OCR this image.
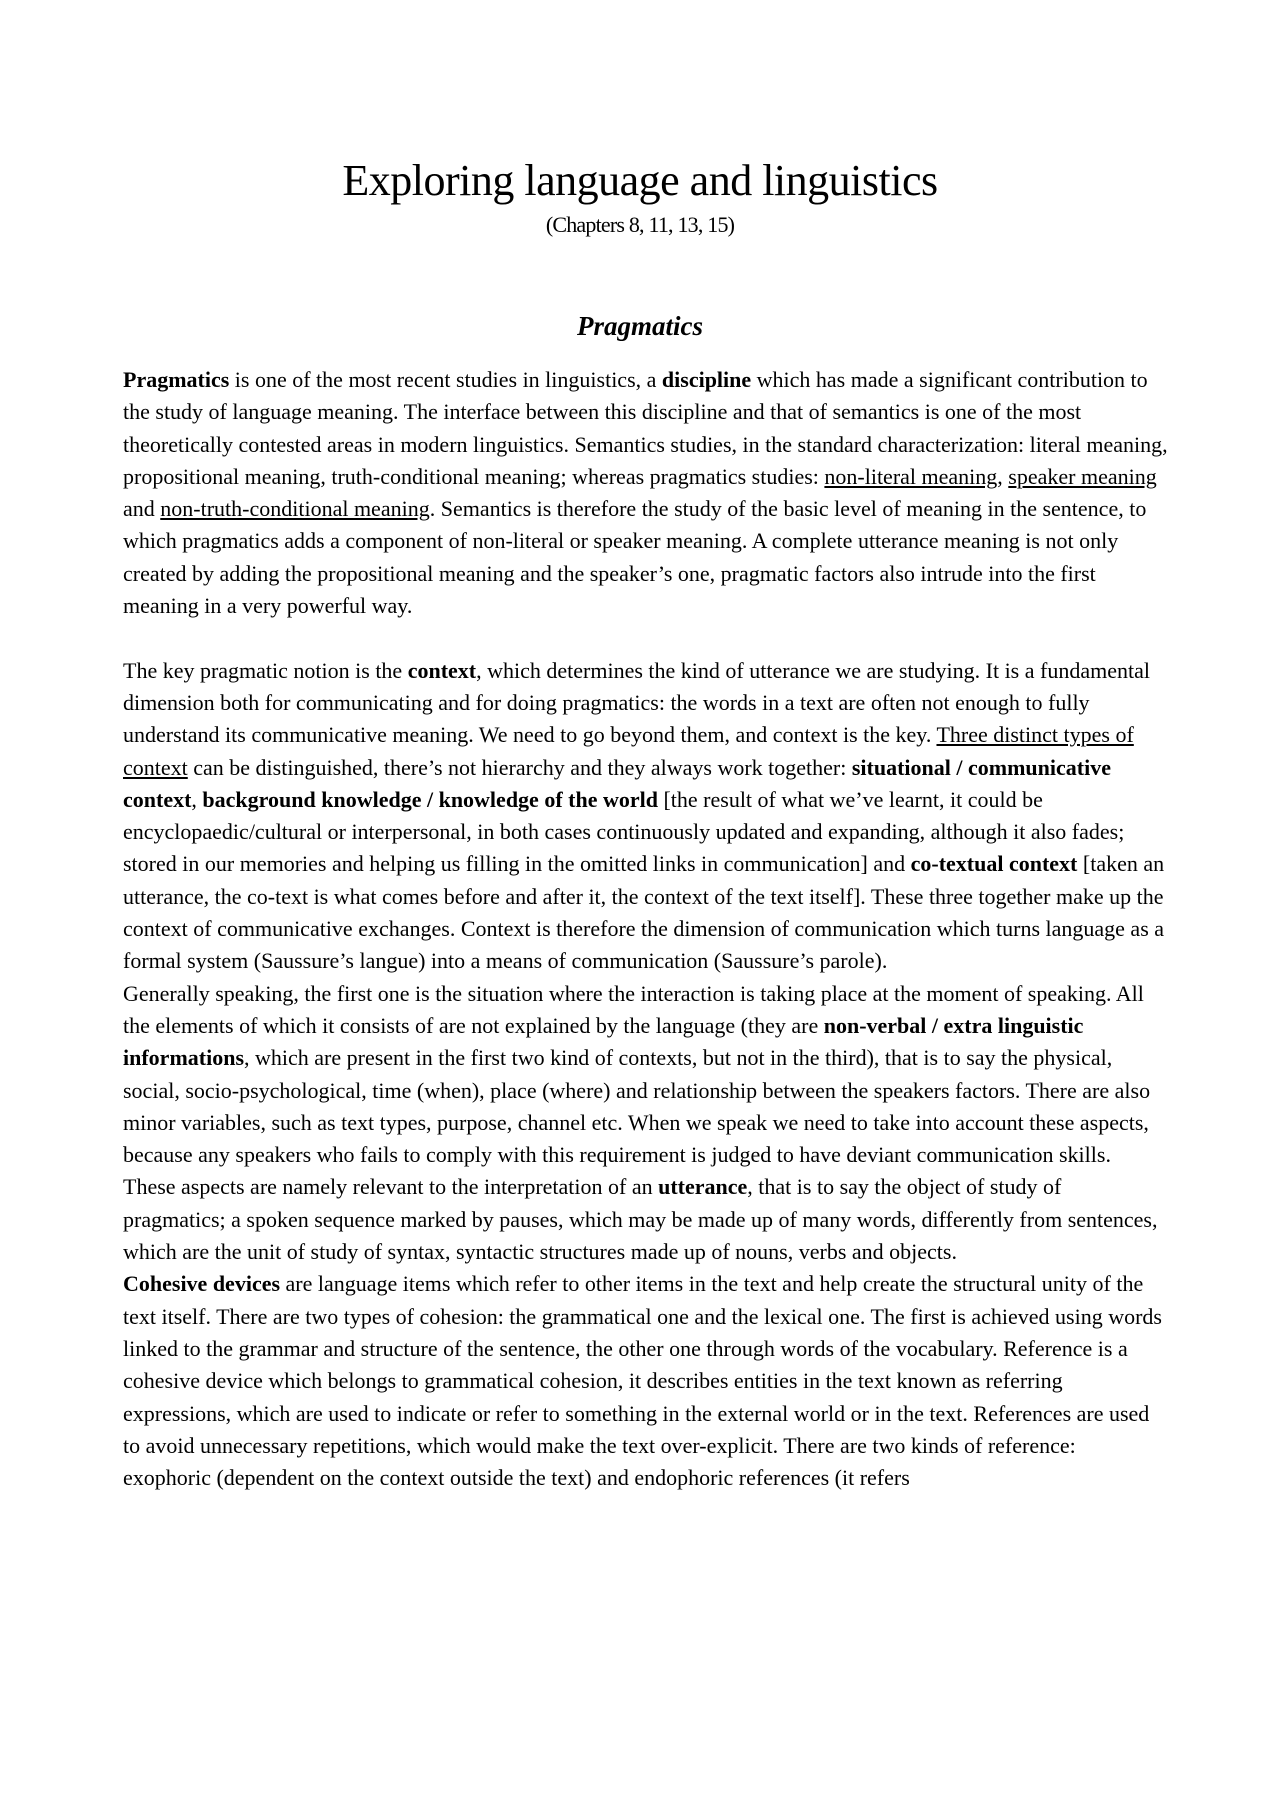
Exploring language and linguistics
(Chapters 8, 11, 13, 15)
Pragmatics

Pragmatics is one of the most recent studies in linguistics, a discipline which has made a significant contribution to the study of language meaning. The interface between this discipline and that of semantics is one of the most theoretically contested areas in modern linguistics. Semantics studies, in the standard characterization: literal meaning, propositional meaning, truth-conditional meaning; whereas pragmatics studies: non-literal meaning, speaker meaning and non-truth-conditional meaning. Semantics is therefore the study of the basic level of meaning in the sentence, to which pragmatics adds a component of non-literal or speaker meaning. A complete utterance meaning is not only created by adding the propositional meaning and the speaker’s one, pragmatic factors also intrude into the first meaning in a very powerful way.

The key pragmatic notion is the context, which determines the kind of utterance we are studying. It is a fundamental dimension both for communicating and for doing pragmatics: the words in a text are often not enough to fully understand its communicative meaning. We need to go beyond them, and context is the key. Three distinct types of context can be distinguished, there’s not hierarchy and they always work together: situational / communicative context, background knowledge / knowledge of the world [the result of what we’ve learnt, it could be encyclopaedic/cultural or interpersonal, in both cases continuously updated and expanding, although it also fades; stored in our memories and helping us filling in the omitted links in communication] and co-textual context [taken an utterance, the co-text is what comes before and after it, the context of the text itself]. These three together make up the context of communicative exchanges. Context is therefore the dimension of communication which turns language as a formal system (Saussure’s langue) into a means of communication (Saussure’s parole).

Generally speaking, the first one is the situation where the interaction is taking place at the moment of speaking. All the elements of which it consists of are not explained by the language (they are non-verbal / extra linguistic informations, which are present in the first two kind of contexts, but not in the third), that is to say the physical, social, socio-psychological, time (when), place (where) and relationship between the speakers factors. There are also minor variables, such as text types, purpose, channel etc. When we speak we need to take into account these aspects, because any speakers who fails to comply with this requirement is judged to have deviant communication skills. These aspects are namely relevant to the interpretation of an utterance, that is to say the object of study of pragmatics; a spoken sequence marked by pauses, which may be made up of many words, differently from sentences, which are the unit of study of syntax, syntactic structures made up of nouns, verbs and objects.

Cohesive devices are language items which refer to other items in the text and help create the structural unity of the text itself. There are two types of cohesion: the grammatical one and the lexical one. The first is achieved using words linked to the grammar and structure of the sentence, the other one through words of the vocabulary. Reference is a cohesive device which belongs to grammatical cohesion, it describes entities in the text known as referring expressions, which are used to indicate or refer to something in the external world or in the text. References are used to avoid unnecessary repetitions, which would make the text over-explicit. There are two kinds of reference: exophoric (dependent on the context outside the text) and endophoric references (it refers
